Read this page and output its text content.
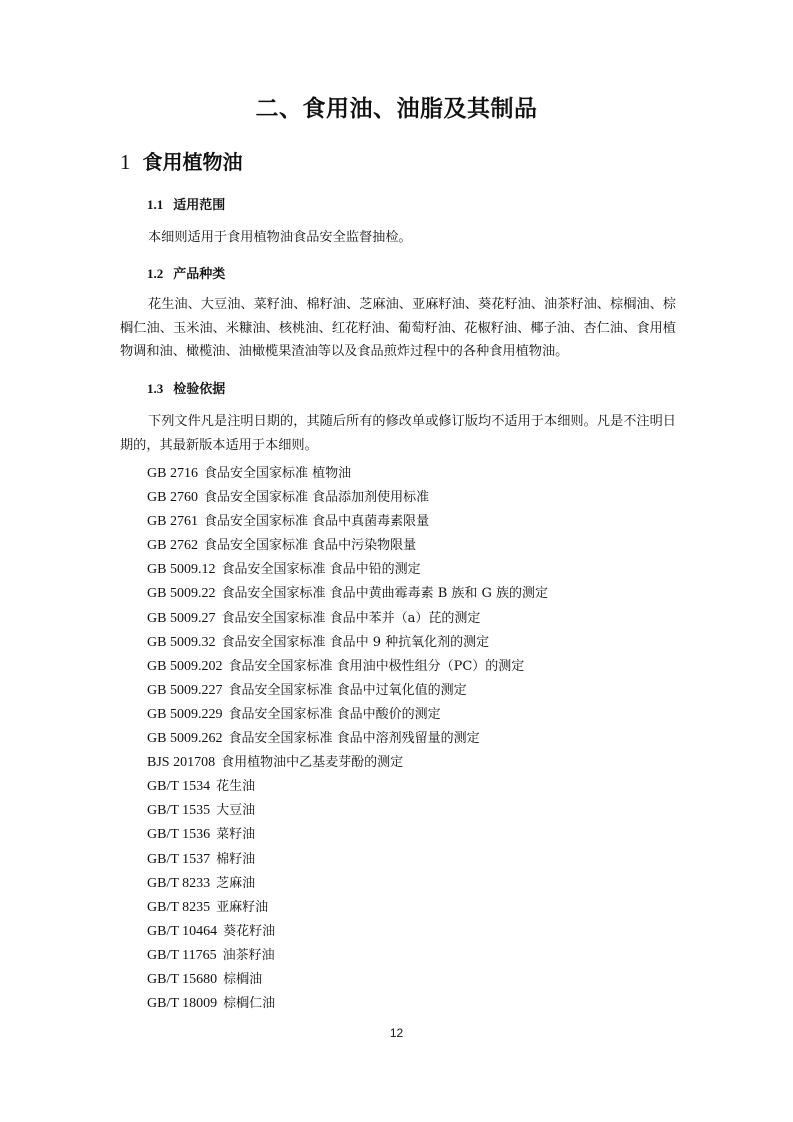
二、食用油、油脂及其制品
1 食用植物油
1.1 适用范围

本细则适用于食用植物油食品安全监督抽检。

1.2 产品种类

花生油、大豆油、菜籽油、棉籽油、芝麻油、亚麻籽油、葵花籽油、油茶籽油、棕榈油、棕榈仁油、玉米油、米糠油、核桃油、红花籽油、葡萄籽油、花椒籽油、椰子油、杏仁油、食用植物调和油、橄榄油、油橄榄果渣油等以及食品煎炸过程中的各种食用植物油。

1.3 检验依据

下列文件凡是注明日期的，其随后所有的修改单或修订版均不适用于本细则。凡是不注明日期的，其最新版本适用于本细则。

GB 2716 食品安全国家标准 植物油
GB 2760 食品安全国家标准 食品添加剂使用标准
GB 2761 食品安全国家标准 食品中真菌毒素限量
GB 2762 食品安全国家标准 食品中污染物限量
GB 5009.12 食品安全国家标准 食品中铅的测定
GB 5009.22 食品安全国家标准 食品中黄曲霉毒素 B 族和 G 族的测定
GB 5009.27 食品安全国家标准 食品中苯并（a）芘的测定
GB 5009.32 食品安全国家标准 食品中 9 种抗氧化剂的测定
GB 5009.202 食品安全国家标准 食用油中极性组分（PC）的测定
GB 5009.227 食品安全国家标准 食品中过氧化值的测定
GB 5009.229 食品安全国家标准 食品中酸价的测定
GB 5009.262 食品安全国家标准 食品中溶剂残留量的测定
BJS 201708 食用植物油中乙基麦芽酚的测定
GB/T 1534 花生油
GB/T 1535 大豆油
GB/T 1536 菜籽油
GB/T 1537 棉籽油
GB/T 8233 芝麻油
GB/T 8235 亚麻籽油
GB/T 10464 葵花籽油
GB/T 11765 油茶籽油
GB/T 15680 棕榈油
GB/T 18009 棕榈仁油
12
